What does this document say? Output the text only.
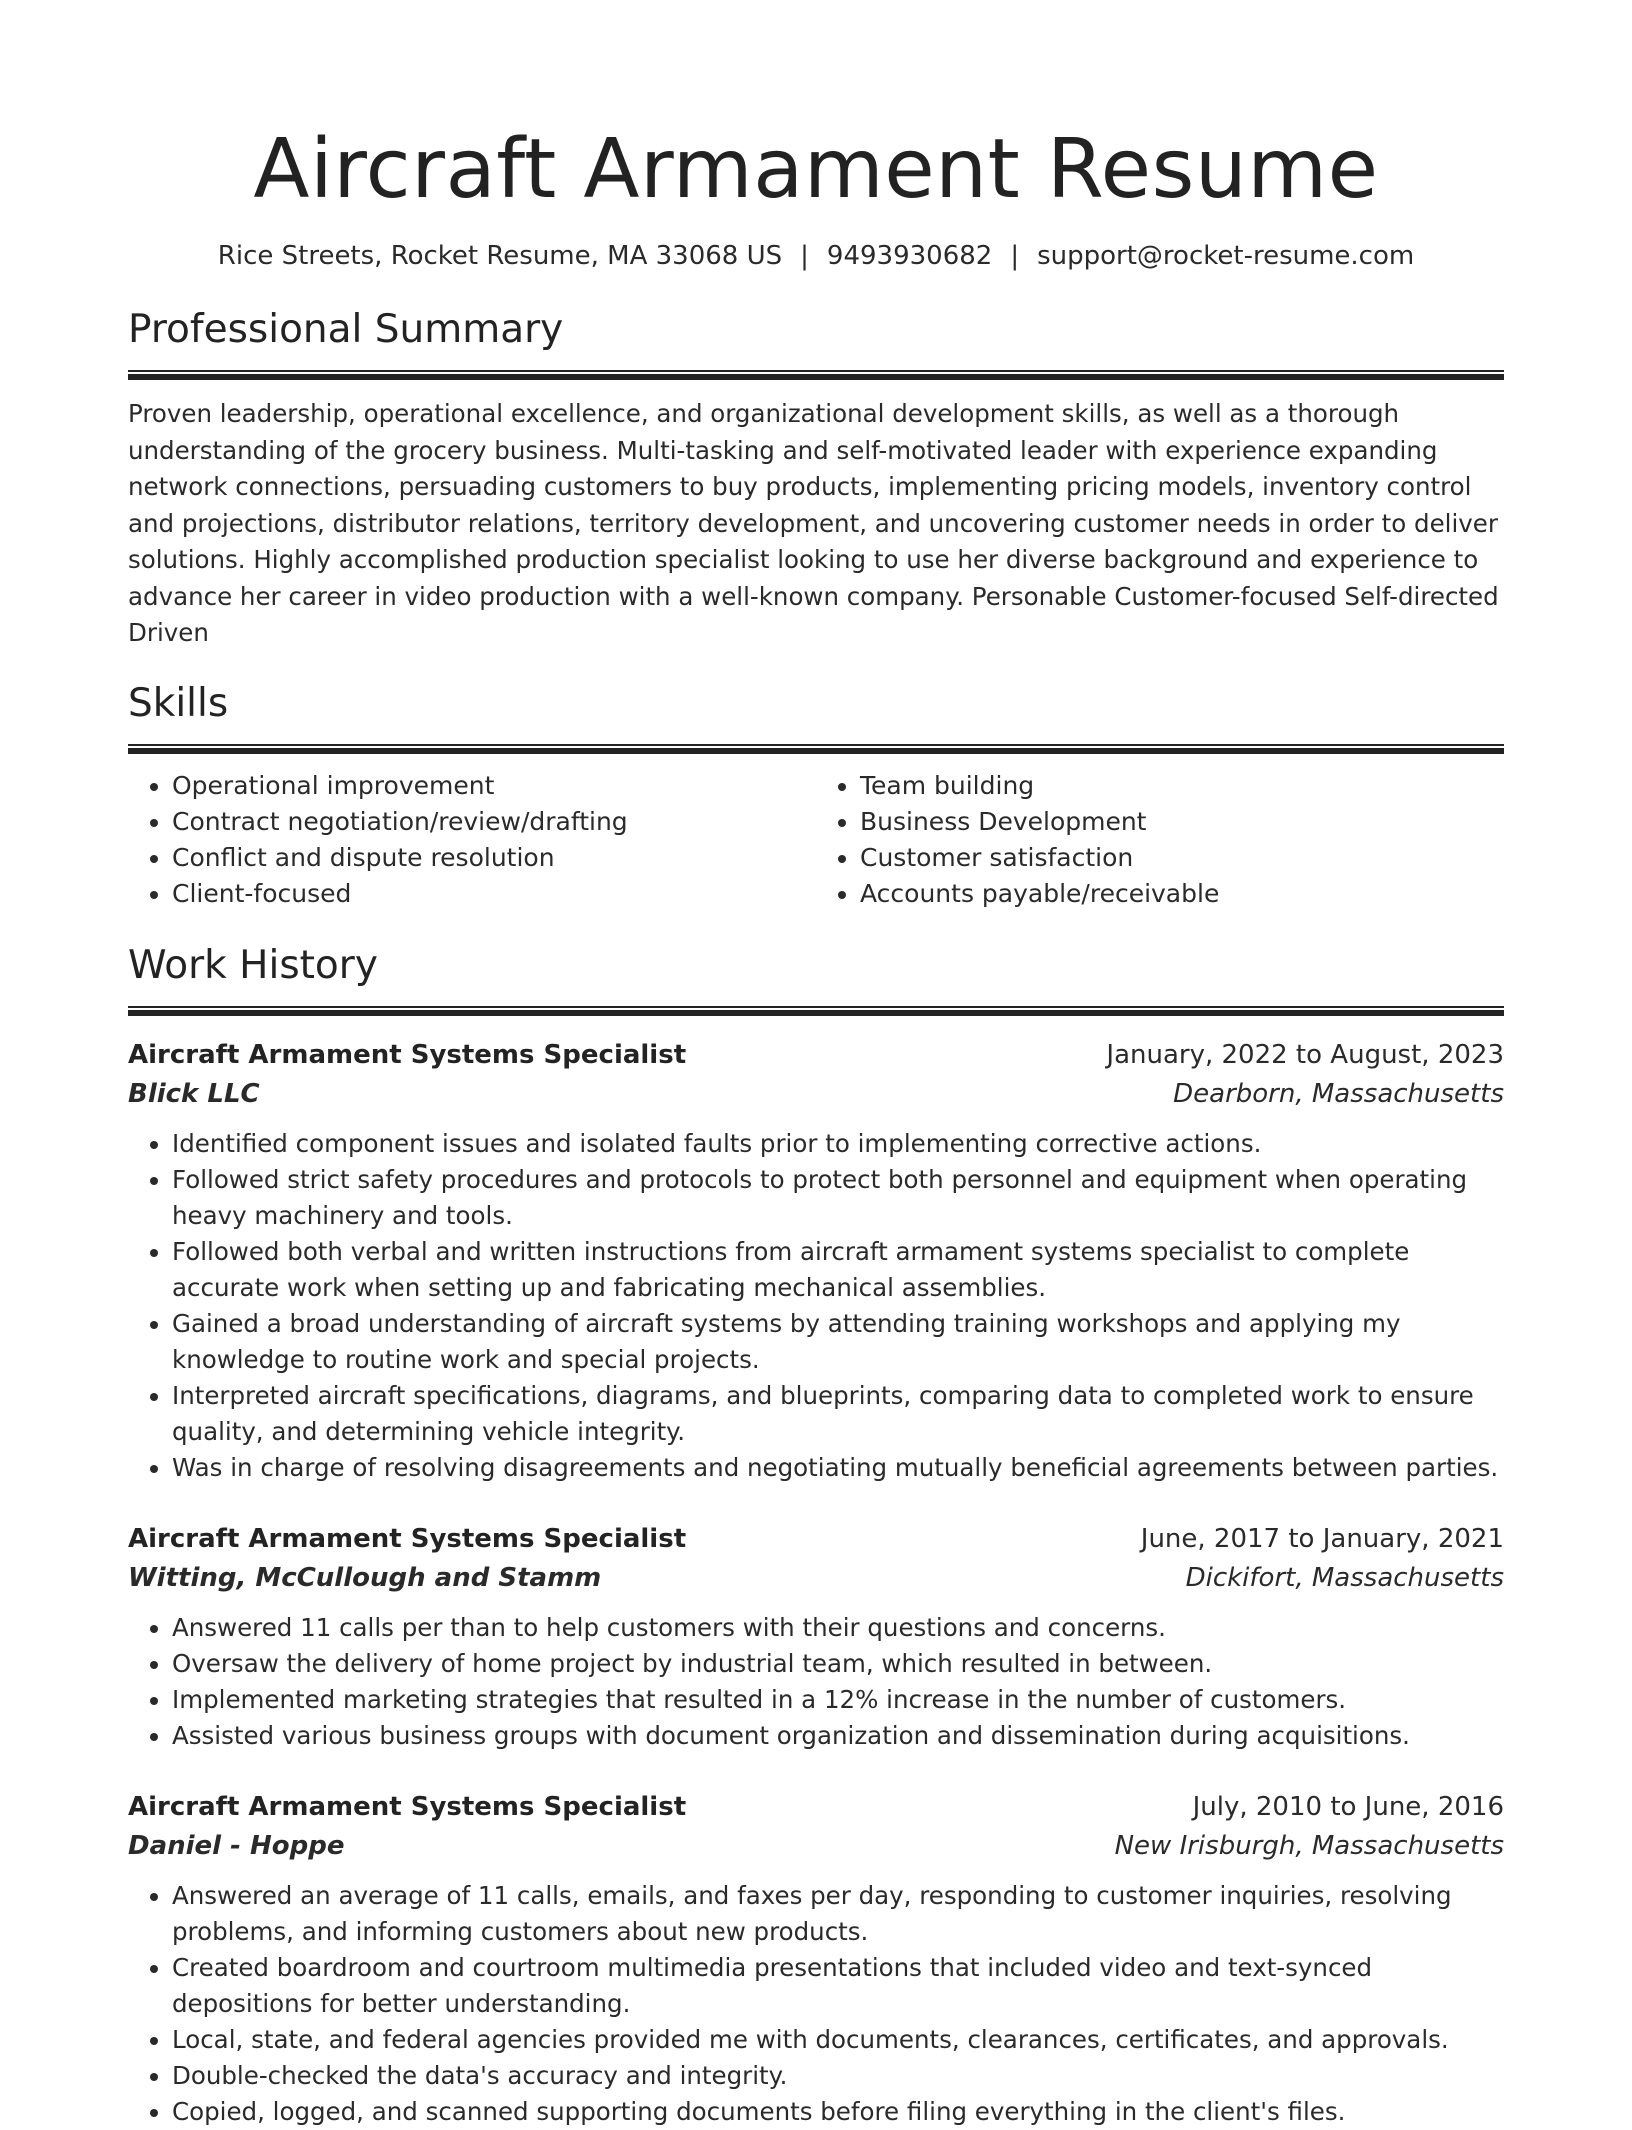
Aircraft Armament Resume
Rice Streets, Rocket Resume, MA 33068 US | 9493930682 | support@rocket-resume.com
Professional Summary
Proven leadership, operational excellence, and organizational development skills, as well as a thorough understanding of the grocery business. Multi-tasking and self-motivated leader with experience expanding network connections, persuading customers to buy products, implementing pricing models, inventory control and projections, distributor relations, territory development, and uncovering customer needs in order to deliver solutions. Highly accomplished production specialist looking to use her diverse background and experience to advance her career in video production with a well-known company. Personable Customer-focused Self-directed Driven
Skills
• Operational improvement
• Contract negotiation/review/drafting
• Conflict and dispute resolution
• Client-focused
• Team building
• Business Development
• Customer satisfaction
• Accounts payable/receivable
Work History
Aircraft Armament Systems Specialist	January, 2022 to August, 2023
Blick LLC	Dearborn, Massachusetts
• Identified component issues and isolated faults prior to implementing corrective actions.
• Followed strict safety procedures and protocols to protect both personnel and equipment when operating heavy machinery and tools.
• Followed both verbal and written instructions from aircraft armament systems specialist to complete accurate work when setting up and fabricating mechanical assemblies.
• Gained a broad understanding of aircraft systems by attending training workshops and applying my knowledge to routine work and special projects.
• Interpreted aircraft specifications, diagrams, and blueprints, comparing data to completed work to ensure quality, and determining vehicle integrity.
• Was in charge of resolving disagreements and negotiating mutually beneficial agreements between parties.
Aircraft Armament Systems Specialist	June, 2017 to January, 2021
Witting, McCullough and Stamm	Dickifort, Massachusetts
• Answered 11 calls per than to help customers with their questions and concerns.
• Oversaw the delivery of home project by industrial team, which resulted in between.
• Implemented marketing strategies that resulted in a 12% increase in the number of customers.
• Assisted various business groups with document organization and dissemination during acquisitions.
Aircraft Armament Systems Specialist	July, 2010 to June, 2016
Daniel - Hoppe	New Irisburgh, Massachusetts
• Answered an average of 11 calls, emails, and faxes per day, responding to customer inquiries, resolving problems, and informing customers about new products.
• Created boardroom and courtroom multimedia presentations that included video and text-synced depositions for better understanding.
• Local, state, and federal agencies provided me with documents, clearances, certificates, and approvals.
• Double-checked the data's accuracy and integrity.
• Copied, logged, and scanned supporting documents before filing everything in the client's files.
